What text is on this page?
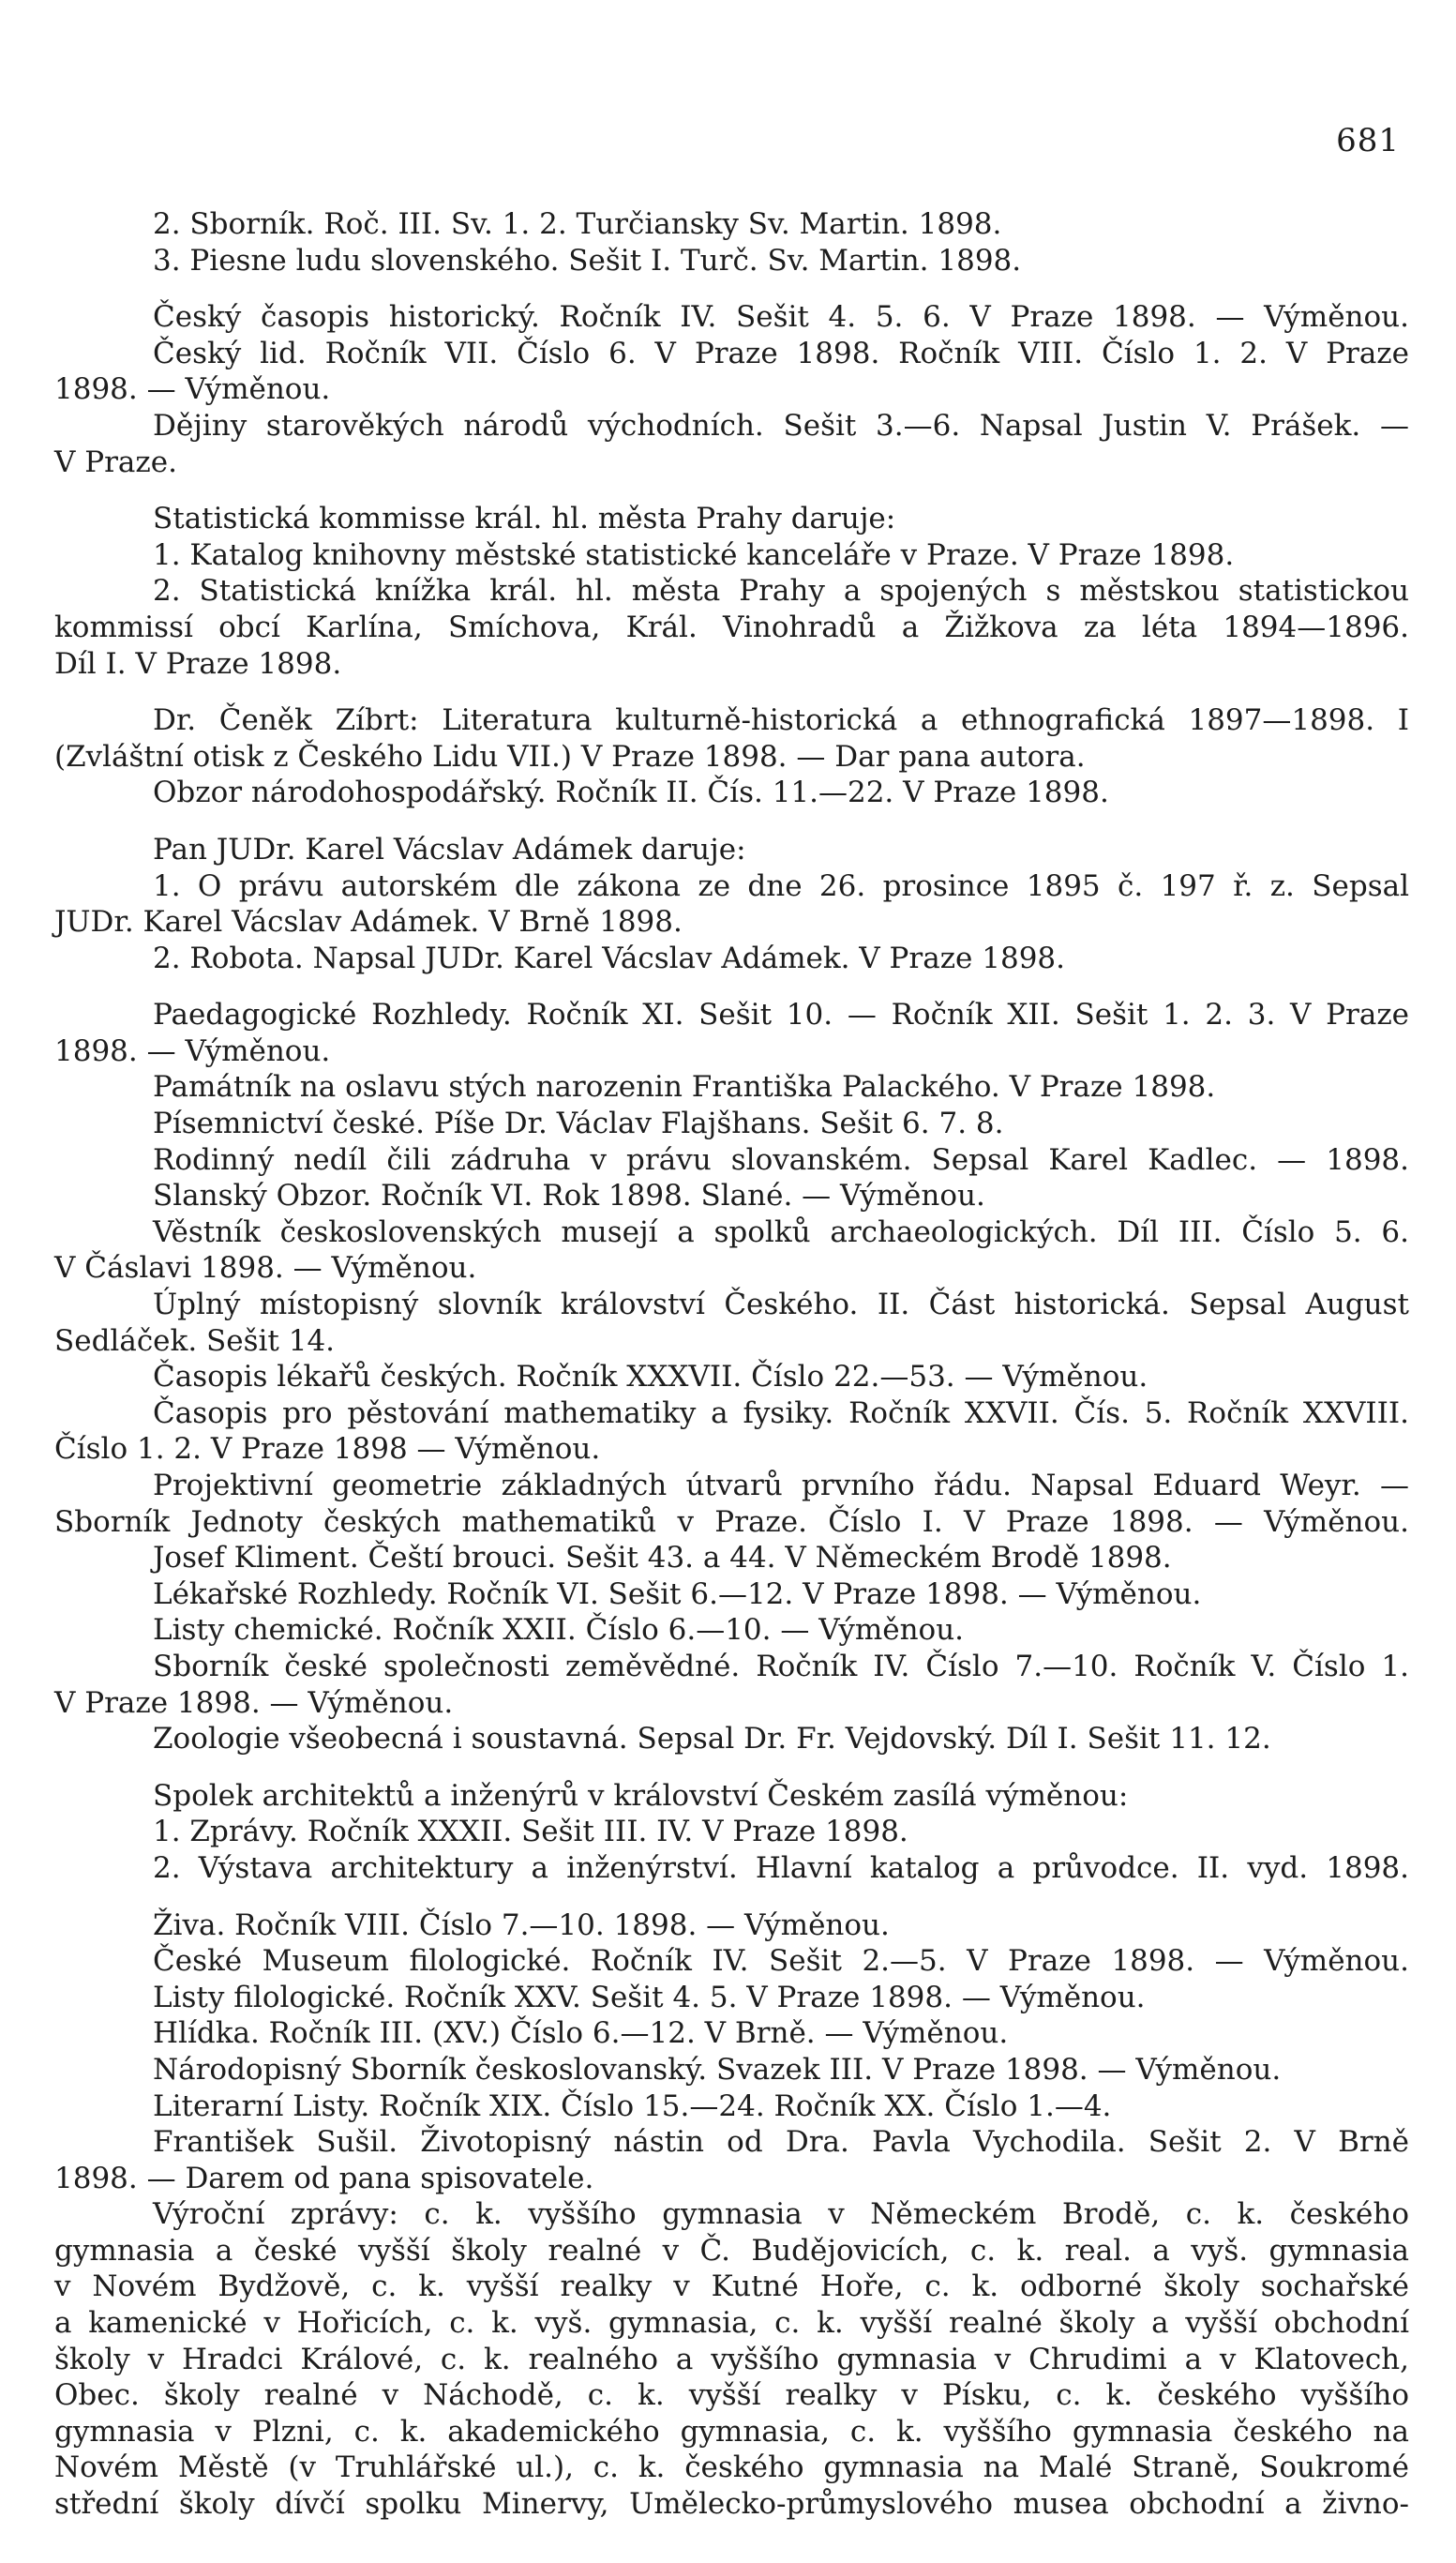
681
2. Sborník. Roč. III. Sv. 1. 2. Turčiansky Sv. Martin. 1898.
3. Piesne ludu slovenského. Sešit I. Turč. Sv. Martin. 1898.
Český časopis historický. Ročník IV. Sešit 4. 5. 6. V Praze 1898. — Výměnou.
Český lid. Ročník VII. Číslo 6. V Praze 1898. Ročník VIII. Číslo 1. 2. V Praze
1898. — Výměnou.
Dějiny starověkých národů východních. Sešit 3.—6. Napsal Justin V. Prášek. —
V Praze.
Statistická kommisse král. hl. města Prahy daruje:
1. Katalog knihovny městské statistické kanceláře v Praze. V Praze 1898.
2. Statistická knížka král. hl. města Prahy a spojených s městskou statistickou
kommissí obcí Karlína, Smíchova, Král. Vinohradů a Žižkova za léta 1894—1896.
Díl I. V Praze 1898.
Dr. Čeněk Zíbrt: Literatura kulturně-historická a ethnografická 1897—1898. I
(Zvláštní otisk z Českého Lidu VII.) V Praze 1898. — Dar pana autora.
Obzor národohospodářský. Ročník II. Čís. 11.—22. V Praze 1898.
Pan JUDr. Karel Vácslav Adámek daruje:
1. O právu autorském dle zákona ze dne 26. prosince 1895 č. 197 ř. z. Sepsal
JUDr. Karel Vácslav Adámek. V Brně 1898.
2. Robota. Napsal JUDr. Karel Vácslav Adámek. V Praze 1898.
Paedagogické Rozhledy. Ročník XI. Sešit 10. — Ročník XII. Sešit 1. 2. 3. V Praze
1898. — Výměnou.
Památník na oslavu stých narozenin Františka Palackého. V Praze 1898.
Písemnictví české. Píše Dr. Václav Flajšhans. Sešit 6. 7. 8.
Rodinný nedíl čili zádruha v právu slovanském. Sepsal Karel Kadlec. — 1898.
Slanský Obzor. Ročník VI. Rok 1898. Slané. — Výměnou.
Věstník československých musejí a spolků archaeologických. Díl III. Číslo 5. 6.
V Čáslavi 1898. — Výměnou.
Úplný místopisný slovník království Českého. II. Část historická. Sepsal August
Sedláček. Sešit 14.
Časopis lékařů českých. Ročník XXXVII. Číslo 22.—53. — Výměnou.
Časopis pro pěstování mathematiky a fysiky. Ročník XXVII. Čís. 5. Ročník XXVIII.
Číslo 1. 2. V Praze 1898 — Výměnou.
Projektivní geometrie základných útvarů prvního řádu. Napsal Eduard Weyr. —
Sborník Jednoty českých mathematiků v Praze. Číslo I. V Praze 1898. — Výměnou.
Josef Kliment. Čeští brouci. Sešit 43. a 44. V Německém Brodě 1898.
Lékařské Rozhledy. Ročník VI. Sešit 6.—12. V Praze 1898. — Výměnou.
Listy chemické. Ročník XXII. Číslo 6.—10. — Výměnou.
Sborník české společnosti zeměvědné. Ročník IV. Číslo 7.—10. Ročník V. Číslo 1.
V Praze 1898. — Výměnou.
Zoologie všeobecná i soustavná. Sepsal Dr. Fr. Vejdovský. Díl I. Sešit 11. 12.
Spolek architektů a inženýrů v království Českém zasílá výměnou:
1. Zprávy. Ročník XXXII. Sešit III. IV. V Praze 1898.
2. Výstava architektury a inženýrství. Hlavní katalog a průvodce. II. vyd. 1898.
Živa. Ročník VIII. Číslo 7.—10. 1898. — Výměnou.
České Museum filologické. Ročník IV. Sešit 2.—5. V Praze 1898. — Výměnou.
Listy filologické. Ročník XXV. Sešit 4. 5. V Praze 1898. — Výměnou.
Hlídka. Ročník III. (XV.) Číslo 6.—12. V Brně. — Výměnou.
Národopisný Sborník českoslovanský. Svazek III. V Praze 1898. — Výměnou.
Literarní Listy. Ročník XIX. Číslo 15.—24. Ročník XX. Číslo 1.—4.
František Sušil. Životopisný nástin od Dra. Pavla Vychodila. Sešit 2. V Brně
1898. — Darem od pana spisovatele.
Výroční zprávy: c. k. vyššího gymnasia v Německém Brodě, c. k. českého
gymnasia a české vyšší školy realné v Č. Budějovicích, c. k. real. a vyš. gymnasia
v Novém Bydžově, c. k. vyšší realky v Kutné Hoře, c. k. odborné školy sochařské
a kamenické v Hořicích, c. k. vyš. gymnasia, c. k. vyšší realné školy a vyšší obchodní
školy v Hradci Králové, c. k. realného a vyššího gymnasia v Chrudimi a v Klatovech,
Obec. školy realné v Náchodě, c. k. vyšší realky v Písku, c. k. českého vyššího
gymnasia v Plzni, c. k. akademického gymnasia, c. k. vyššího gymnasia českého na
Novém Městě (v Truhlářské ul.), c. k. českého gymnasia na Malé Straně, Soukromé
střední školy dívčí spolku Minervy, Umělecko-průmyslového musea obchodní a živno-
